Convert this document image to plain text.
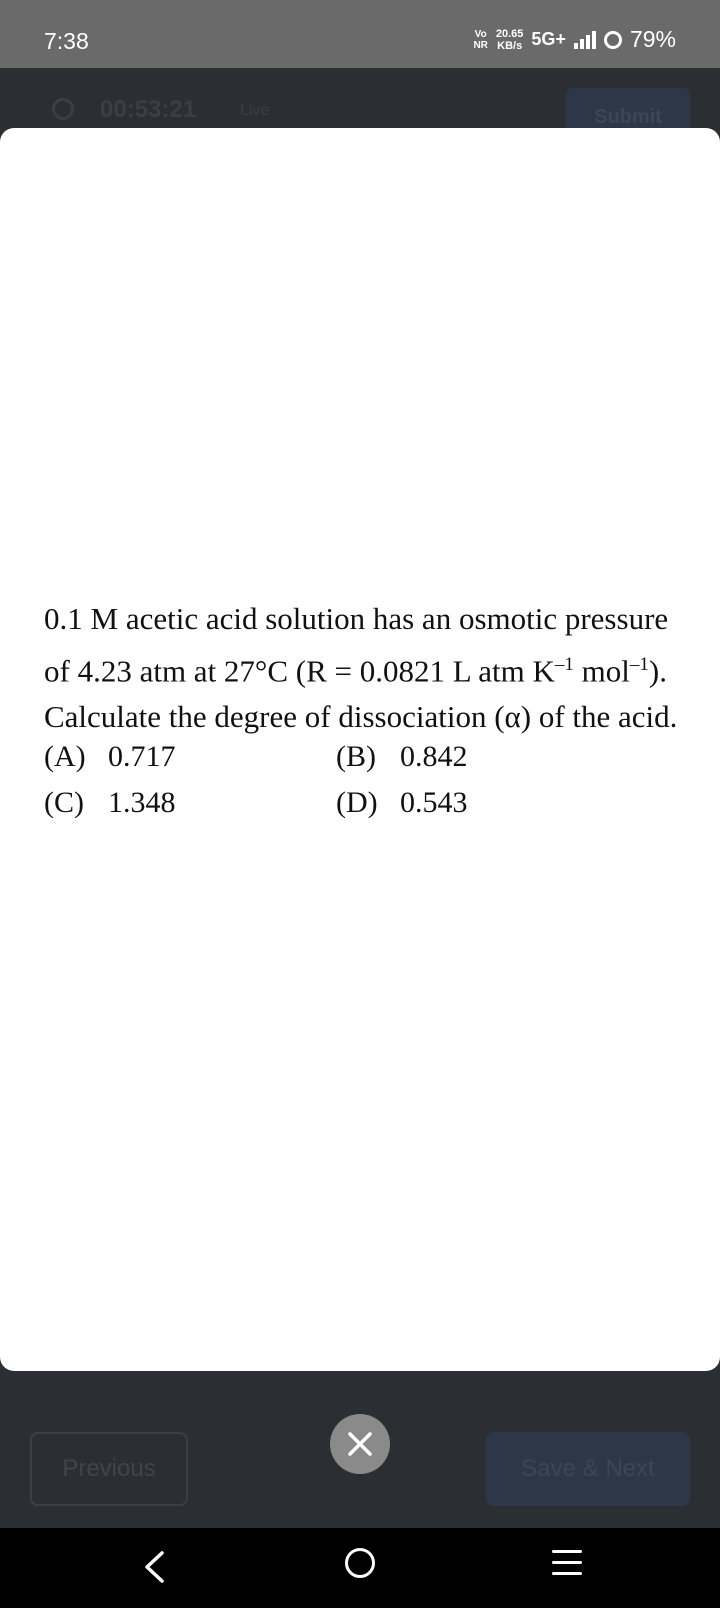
7:38	Vo
NR
20.65
KB/s 5G+	79%
00:53:21	Live	Submit
0.1 M acetic acid solution has an osmotic pressure
of 4.23 atm at 27°C (R = 0.0821 L atm $K^{-1}$ mol$^{-1}$).
Calculate the degree of dissociation (α) of the acid.
(A) 0.717	(B) 0.842
(C) 1.348	(D) 0.543
Previous	Save & Next
